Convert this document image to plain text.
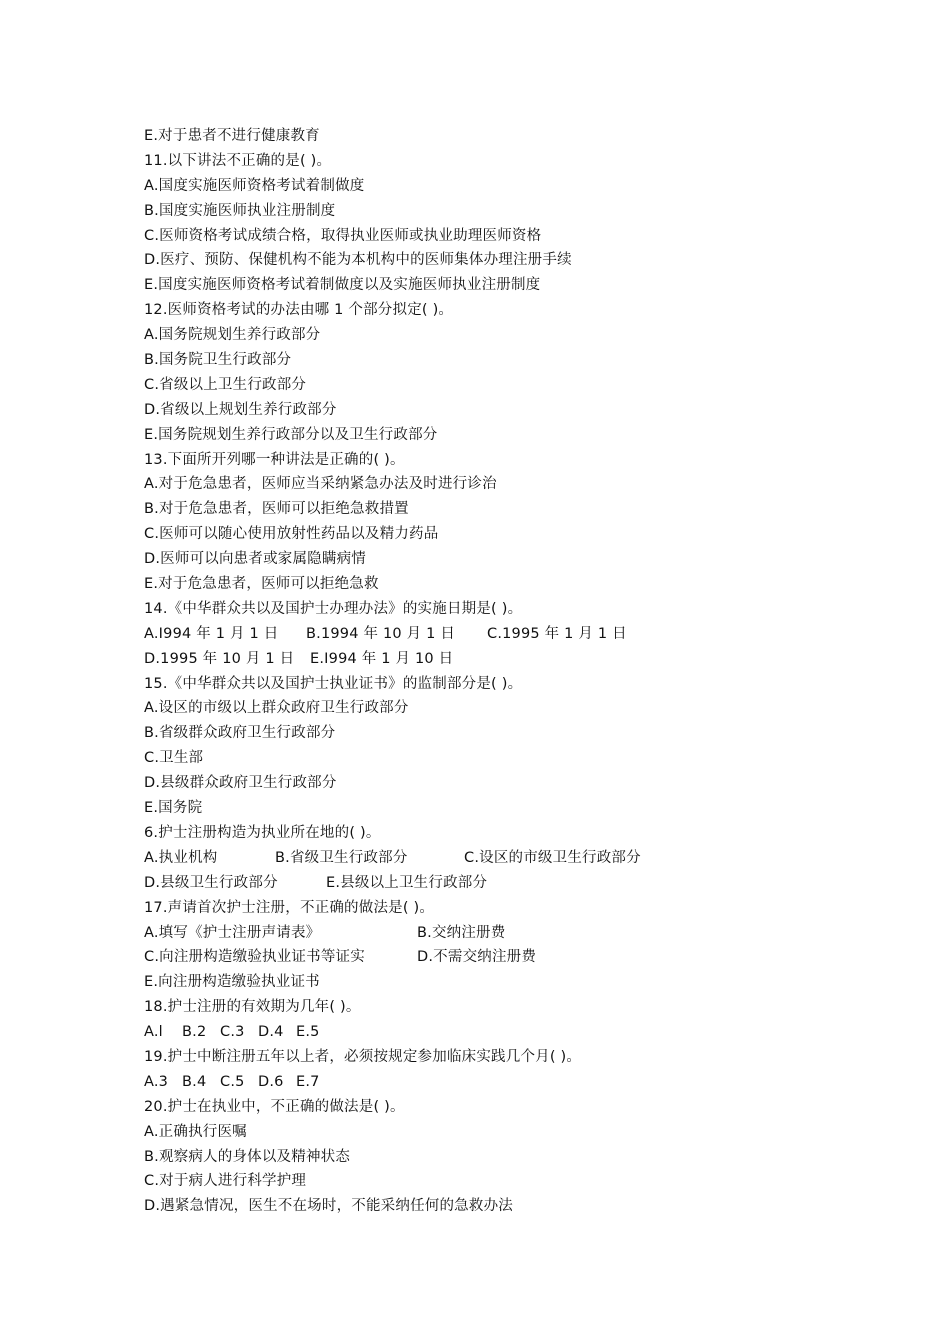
E.对于患者不进行健康教育
11.以下讲法不正确的是( )。
A.国度实施医师资格考试着制做度
B.国度实施医师执业注册制度
C.医师资格考试成绩合格，取得执业医师或执业助理医师资格
D.医疗、预防、保健机构不能为本机构中的医师集体办理注册手续
E.国度实施医师资格考试着制做度以及实施医师执业注册制度
12.医师资格考试的办法由哪 1 个部分拟定( )。
A.国务院规划生养行政部分
B.国务院卫生行政部分
C.省级以上卫生行政部分
D.省级以上规划生养行政部分
E.国务院规划生养行政部分以及卫生行政部分
13.下面所开列哪一种讲法是正确的( )。
A.对于危急患者，医师应当采纳紧急办法及时进行诊治
B.对于危急患者，医师可以拒绝急救措置
C.医师可以随心使用放射性药品以及精力药品
D.医师可以向患者或家属隐瞒病情
E.对于危急患者，医师可以拒绝急救
14.《中华群众共以及国护士办理办法》的实施日期是( )。
A.I994 年 1 月 1 日 B.1994 年 10 月 1 日 C.1995 年 1 月 1 日
D.1995 年 10 月 1 日 E.I994 年 1 月 10 日
15.《中华群众共以及国护士执业证书》的监制部分是( )。
A.设区的市级以上群众政府卫生行政部分
B.省级群众政府卫生行政部分
C.卫生部
D.县级群众政府卫生行政部分
E.国务院
6.护士注册构造为执业所在地的( )。
A.执业机构	B.省级卫生行政部分	C.设区的市级卫生行政部分
D.县级卫生行政部分	E.县级以上卫生行政部分
17.声请首次护士注册，不正确的做法是( )。
A.填写《护士注册声请表》	B.交纳注册费
C.向注册构造缴验执业证书等证实	D.不需交纳注册费
E.向注册构造缴验执业证书
18.护士注册的有效期为几年( )。
A.l B.2 C.3 D.4 E.5
19.护士中断注册五年以上者，必须按规定参加临床实践几个月( )。
A.3 B.4 C.5 D.6 E.7
20.护士在执业中，不正确的做法是( )。
A.正确执行医嘱
B.观察病人的身体以及精神状态
C.对于病人进行科学护理
D.遇紧急情况，医生不在场时，不能采纳任何的急救办法
